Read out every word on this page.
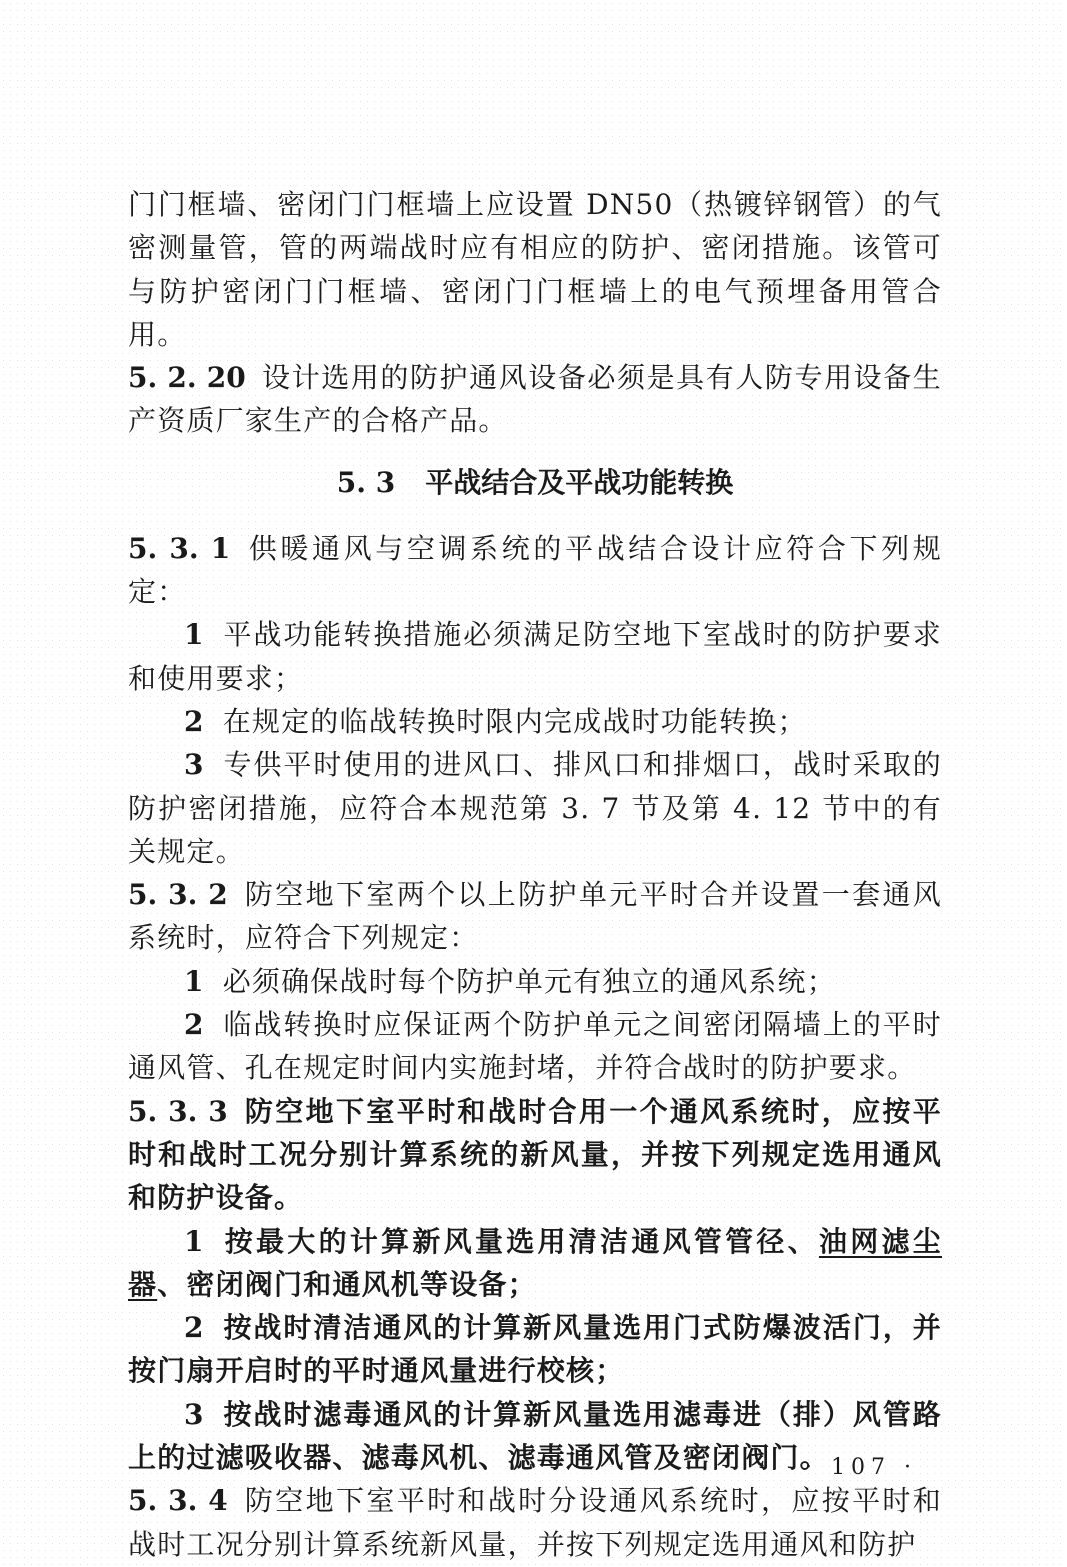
门门框墙、密闭门门框墙上应设置 DN50（热镀锌钢管）的气密测量管，管的两端战时应有相应的防护、密闭措施。该管可与防护密闭门门框墙、密闭门门框墙上的电气预埋备用管合用。

5. 2. 20 设计选用的防护通风设备必须是具有人防专用设备生产资质厂家生产的合格产品。

5. 3 平战结合及平战功能转换

5. 3. 1 供暖通风与空调系统的平战结合设计应符合下列规定：

1 平战功能转换措施必须满足防空地下室战时的防护要求和使用要求；

2 在规定的临战转换时限内完成战时功能转换；

3 专供平时使用的进风口、排风口和排烟口，战时采取的防护密闭措施，应符合本规范第 3. 7 节及第 4. 12 节中的有关规定。

5. 3. 2 防空地下室两个以上防护单元平时合并设置一套通风系统时，应符合下列规定：

1 必须确保战时每个防护单元有独立的通风系统；

2 临战转换时应保证两个防护单元之间密闭隔墙上的平时通风管、孔在规定时间内实施封堵，并符合战时的防护要求。

5. 3. 3 防空地下室平时和战时合用一个通风系统时，应按平时和战时工况分别计算系统的新风量，并按下列规定选用通风和防护设备。

1 按最大的计算新风量选用清洁通风管管径、油网滤尘器、密闭阀门和通风机等设备；

2 按战时清洁通风的计算新风量选用门式防爆波活门，并按门扇开启时的平时通风量进行校核；

3 按战时滤毒通风的计算新风量选用滤毒进（排）风管路上的过滤吸收器、滤毒风机、滤毒通风管及密闭阀门。

5. 3. 4 防空地下室平时和战时分设通风系统时，应按平时和战时工况分别计算系统新风量，并按下列规定选用通风和防护

· 107 ·
